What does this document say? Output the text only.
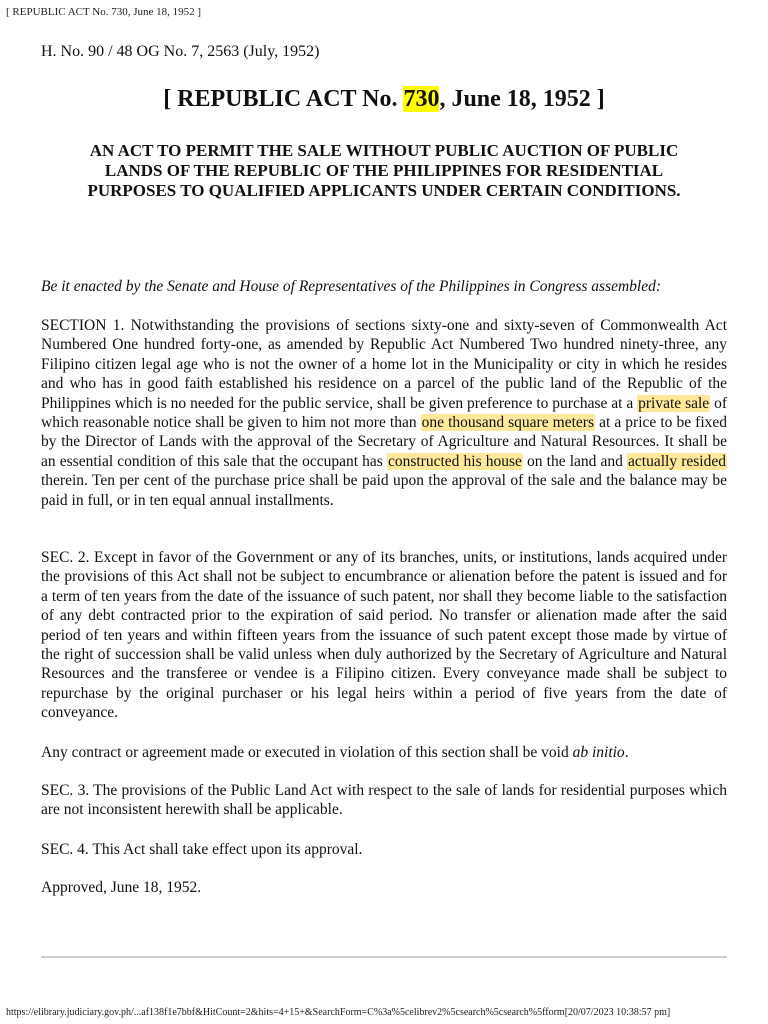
[ REPUBLIC ACT No. 730, June 18, 1952 ]
H. No. 90 / 48 OG No. 7, 2563 (July, 1952)
[ REPUBLIC ACT No. 730, June 18, 1952 ]
AN ACT TO PERMIT THE SALE WITHOUT PUBLIC AUCTION OF PUBLIC LANDS OF THE REPUBLIC OF THE PHILIPPINES FOR RESIDENTIAL PURPOSES TO QUALIFIED APPLICANTS UNDER CERTAIN CONDITIONS.

Be it enacted by the Senate and House of Representatives of the Philippines in Congress assembled:

SECTION 1. Notwithstanding the provisions of sections sixty-one and sixty-seven of Commonwealth Act Numbered One hundred forty-one, as amended by Republic Act Numbered Two hundred ninety-three, any Filipino citizen legal age who is not the owner of a home lot in the Municipality or city in which he resides and who has in good faith established his residence on a parcel of the public land of the Republic of the Philippines which is no needed for the public service, shall be given preference to purchase at a private sale of which reasonable notice shall be given to him not more than one thousand square meters at a price to be fixed by the Director of Lands with the approval of the Secretary of Agriculture and Natural Resources. It shall be an essential condition of this sale that the occupant has constructed his house on the land and actually resided therein. Ten per cent of the purchase price shall be paid upon the approval of the sale and the balance may be paid in full, or in ten equal annual installments.

SEC. 2. Except in favor of the Government or any of its branches, units, or institutions, lands acquired under the provisions of this Act shall not be subject to encumbrance or alienation before the patent is issued and for a term of ten years from the date of the issuance of such patent, nor shall they become liable to the satisfaction of any debt contracted prior to the expiration of said period. No transfer or alienation made after the said period of ten years and within fifteen years from the issuance of such patent except those made by virtue of the right of succession shall be valid unless when duly authorized by the Secretary of Agriculture and Natural Resources and the transferee or vendee is a Filipino citizen. Every conveyance made shall be subject to repurchase by the original purchaser or his legal heirs within a period of five years from the date of conveyance.

Any contract or agreement made or executed in violation of this section shall be void ab initio.

SEC. 3. The provisions of the Public Land Act with respect to the sale of lands for residential purposes which are not inconsistent herewith shall be applicable.

SEC. 4. This Act shall take effect upon its approval.

Approved, June 18, 1952.

https://elibrary.judiciary.gov.ph/...af138f1e7bbf&HitCount=2&hits=4+15+&SearchForm=C%3a%5celibrev2%5csearch%5csearch%5fform[20/07/2023 10:38:57 pm]
